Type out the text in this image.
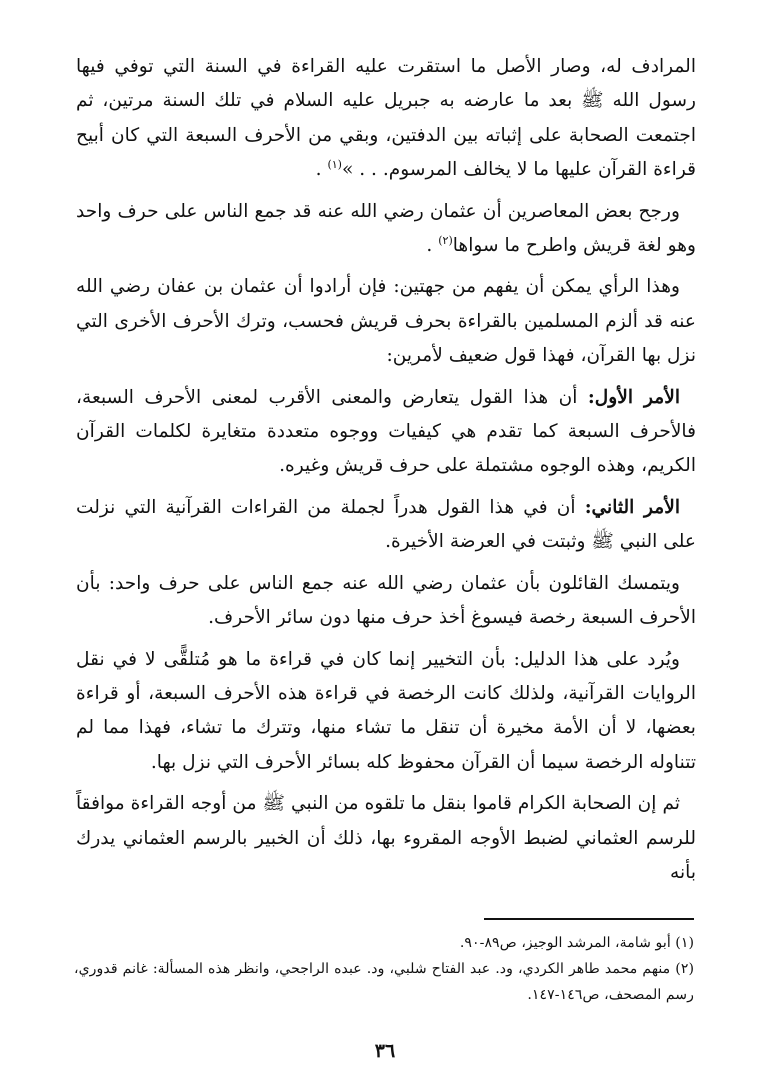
المرادف له، وصار الأصل ما استقرت عليه القراءة في السنة التي توفي فيها رسول الله ﷺ بعد ما عارضه به جبريل عليه السلام في تلك السنة مرتين، ثم اجتمعت الصحابة على إثباته بين الدفتين، وبقي من الأحرف السبعة التي كان أبيح قراءة القرآن عليها ما لا يخالف المرسوم. . . »$^{(١)}$ .

ورجح بعض المعاصرين أن عثمان رضي الله عنه قد جمع الناس على حرف واحد وهو لغة قريش واطرح ما سواها$^{(٢)}$ .

وهذا الرأي يمكن أن يفهم من جهتين: فإن أرادوا أن عثمان بن عفان رضي الله عنه قد ألزم المسلمين بالقراءة بحرف قريش فحسب، وترك الأحرف الأخرى التي نزل بها القرآن، فهذا قول ضعيف لأمرين:

الأمر الأول: أن هذا القول يتعارض والمعنى الأقرب لمعنى الأحرف السبعة، فالأحرف السبعة كما تقدم هي كيفيات ووجوه متعددة متغايرة لكلمات القرآن الكريم، وهذه الوجوه مشتملة على حرف قريش وغيره.

الأمر الثاني: أن في هذا القول هدراً لجملة من القراءات القرآنية التي نزلت على النبي ﷺ وثبتت في العرضة الأخيرة.

ويتمسك القائلون بأن عثمان رضي الله عنه جمع الناس على حرف واحد: بأن الأحرف السبعة رخصة فيسوغ أخذ حرف منها دون سائر الأحرف.

ويُرد على هذا الدليل: بأن التخيير إنما كان في قراءة ما هو مُتلقًّى لا في نقل الروايات القرآنية، ولذلك كانت الرخصة في قراءة هذه الأحرف السبعة، أو قراءة بعضها، لا أن الأمة مخيرة أن تنقل ما تشاء منها، وتترك ما تشاء، فهذا مما لم تتناوله الرخصة سيما أن القرآن محفوظ كله بسائر الأحرف التي نزل بها.

ثم إن الصحابة الكرام قاموا بنقل ما تلقوه من النبي ﷺ من أوجه القراءة موافقاً للرسم العثماني لضبط الأوجه المقروء بها، ذلك أن الخبير بالرسم العثماني يدرك بأنه

(١) أبو شامة، المرشد الوجيز، ص٨٩-٩٠.

(٢) منهم محمد طاهر الكردي، ود. عبد الفتاح شلبي، ود. عبده الراجحي، وانظر هذه المسألة: غانم قدوري، رسم المصحف، ص١٤٦-١٤٧.

٣٦
